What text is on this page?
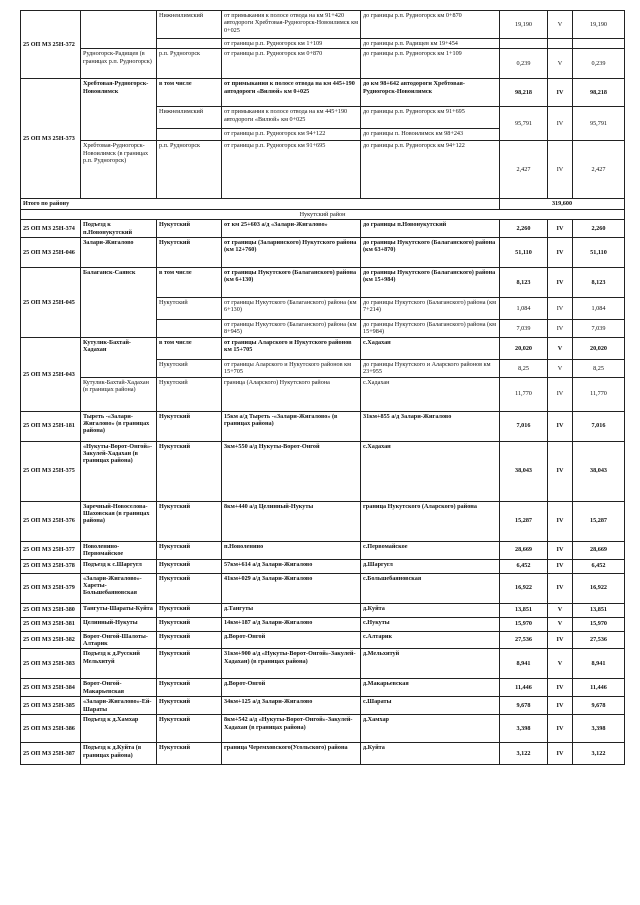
25 ОП МЗ 25Н-372		Нижнеилимский	от примыкания к полосе отвода на км 91+420 автодороги Хребтовая-Рудногорск-Новоилимск км 0+025	до границы р.п. Рудногорск км 0+870	19,190	V	19,190
			от границы р.п. Рудногорск км 1+109	до границы р.п. Радищев км 19+454			
	Рудногорск-Радищев (в границах р.п. Рудногорск)	р.п. Рудногорск	от границы р.п. Рудногорск км 0+870	до границы р.п. Рудногорск км 1+109	0,239	V	0,239
25 ОП МЗ 25Н-373	Хребтовая-Рудногорск-Новоилимск	в том числе	от примыкания к полосе отвода на км 445+190 автодороги «Вилюй» км 0+025	до км 98+642 автодороги Хребтовая-Рудногорск-Новоилимск	98,218	IV	98,218
		Нижнеилимский	от примыкания к полосе отвода на км 445+190 автодороги «Вилюй» км 0+025	до границы р.п. Рудногорск км 91+695	95,791	IV	95,791
			от границы р.п. Рудногорск км 94+122	до границы п. Новоилимск км 98+243			
	Хребтовая-Рудногорск-Новоилимск (в границах р.п. Рудногорск)	р.п. Рудногорск	от границы р.п. Рудногорск км 91+695	до границы р.п. Рудногорск км 94+122	2,427	IV	2,427
Итого по району					319,600		
Нукутский район							
25 ОП МЗ 25Н-374	Подъезд к п.Новонукутский	Нукутский	от км 25+603 а/д «Залари-Жигалово»	до границы п.Новонукутский	2,260	IV	2,260
25 ОП МЗ 25Н-046	Залари-Жигалово	Нукутский	от границы (Заларинского) Нукутского района (км 12+760)	до границы Нукутского (Балаганского) района (км 63+870)	51,110	IV	51,110
25 ОП МЗ 25Н-045	Балаганск-Саянск	в том числе	от границы Нукутского (Балаганского) района (км 6+130)	до границы Нукутского (Балаганского) района (км 15+984)	8,123	IV	8,123
		Нукутский	от границы Нукутского (Балаганского) района (км 6+130)	до границы Нукутского (Балаганского) района (км 7+214)	1,084	IV	1,084
			от границы Нукутского (Балаганского) района (км 8+945)	до границы Нукутского (Балаганского) района (км 15+984)	7,039	IV	7,039
25 ОП МЗ 25Н-043	Кутулик-Бахтай-Хадахан	в том числе	от границы Аларского и Нукутского районов км 15+705	с.Хадахан	20,020	V	20,020
		Нукутский	от границы Аларского и Нукутского районов км 15+705	до границы Нукутского и Аларского районов км 23+955	8,25	V	8,25
	Кутулик-Бахтай-Хадахан (в границах района)	Нукутский	граница (Аларского) Нукутского района	с.Хадахан	11,770	IV	11,770
25 ОП МЗ 25Н-181	Тыреть -«Залари-Жигалово» (в границах района)	Нукутский	15км а/д Тыреть -«Залари-Жигалово» (в границах района)	31км+855 а/д Залари-Жигалово	7,016	IV	7,016
25 ОП МЗ 25Н-375	«Нукуты-Ворот-Онгой»-Закулей-Хадахан (в границах района)	Нукутский	3км+550 а/д Нукуты-Ворот-Онгой	с.Хадахан	38,043	IV	38,043
25 ОП МЗ 25Н-376	Заречный-Новоселова-Шаховская (в границах района)	Нукутский	8км+440 а/д Целинный-Нукуты	граница Нукутского (Аларского) района	15,287	IV	15,287
25 ОП МЗ 25Н-377	Новоленино-Первомайское	Нукутский	п.Новоленино	с.Первомайское	28,669	IV	28,669
25 ОП МЗ 25Н-378	Подъезд к с.Шаргугл	Нукутский	57км+614 а/д Залари-Жигалово	д.Шаргугл	6,452	IV	6,452
25 ОП МЗ 25Н-379	«Залари-Жигалово»-Хареты-Большебаяновская	Нукутский	41км+029 а/д Залари-Жигалово	с.Большебаяновская	16,922	IV	16,922
25 ОП МЗ 25Н-380	Тангуты-Шараты-Куйта	Нукутский	д.Тангуты	д.Куйта	13,851	V	13,851
25 ОП МЗ 25Н-381	Целинный-Нукуты	Нукутский	14км+187 а/д Залари-Жигалово	с.Нукуты	15,970	V	15,970
25 ОП МЗ 25Н-382	Ворот-Онгой-Шалоты-Алтарик	Нукутский	д.Ворот-Онгой	с.Алтарик	27,536	IV	27,536
25 ОП МЗ 25Н-383	Подъезд к д.Русский Мельхитуй	Нукутский	31км+900 а/д «Нукуты-Ворот-Онгой»-Закулей-Хадахан) (в границах района)	д.Мельхитуй	8,941	V	8,941
25 ОП МЗ 25Н-384	Ворот-Онгой-Макарьевская	Нукутский	д.Ворот-Онгой	д.Макарьевская	11,446	IV	11,446
25 ОП МЗ 25Н-385	«Залари-Жигалово»-Ей-Шараты	Нукутский	34км+125 а/д Залари-Жигалово	с.Шараты	9,678	IV	9,678
25 ОП МЗ 25Н-386	Подъезд к д.Хамхар	Нукутский	8км+542 а/д «Нукуты-Ворот-Онгой»-Закулей-Хадахан (в границах района)	д.Хамхар	3,398	IV	3,398
25 ОП МЗ 25Н-387	Подъезд к д.Куйта (в границах района)	Нукутский	граница Черемховского(Усольского) района	д.Куйта	3,122	IV	3,122
